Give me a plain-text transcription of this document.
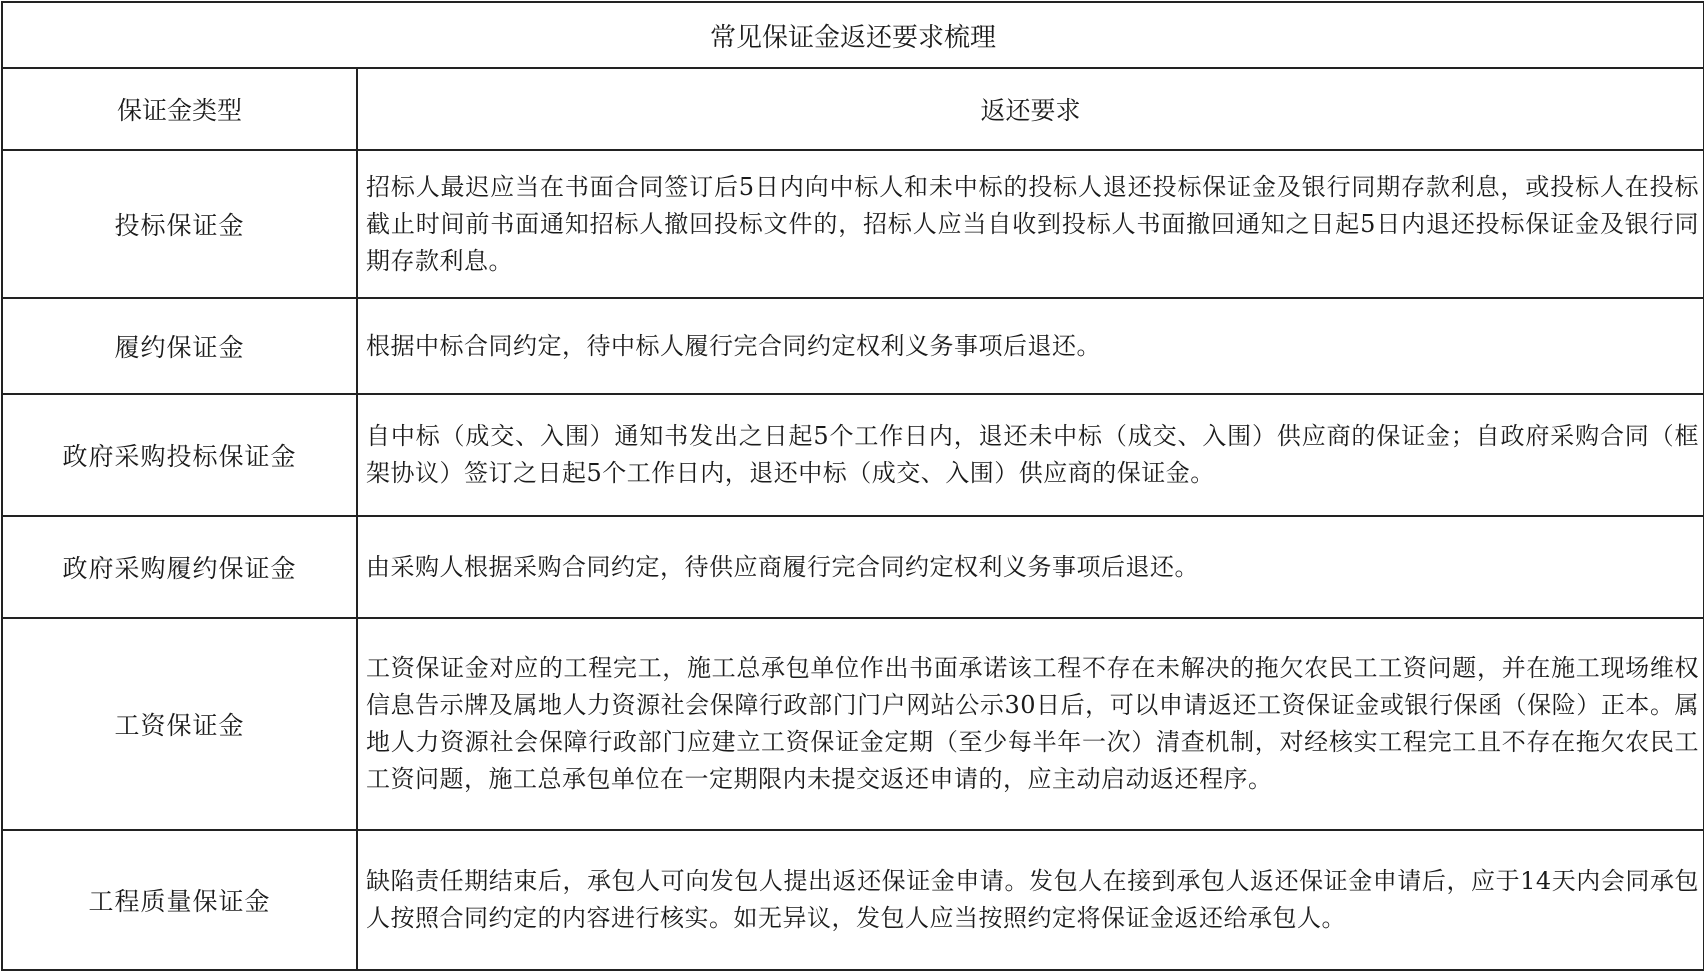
常见保证金返还要求梳理	
保证金类型	返还要求
投标保证金	招标人最迟应当在书面合同签订后5日内向中标人和未中标的投标人退还投标保证金及银行同期存款利息，或投标人在投标截止时间前书面通知招标人撤回投标文件的，招标人应当自收到投标人书面撤回通知之日起5日内退还投标保证金及银行同期存款利息。
履约保证金	根据中标合同约定，待中标人履行完合同约定权利义务事项后退还。
政府采购投标保证金	自中标（成交、入围）通知书发出之日起5个工作日内，退还未中标（成交、入围）供应商的保证金；自政府采购合同（框架协议）签订之日起5个工作日内，退还中标（成交、入围）供应商的保证金。
政府采购履约保证金	由采购人根据采购合同约定，待供应商履行完合同约定权利义务事项后退还。
工资保证金	工资保证金对应的工程完工，施工总承包单位作出书面承诺该工程不存在未解决的拖欠农民工工资问题，并在施工现场维权信息告示牌及属地人力资源社会保障行政部门门户网站公示30日后，可以申请返还工资保证金或银行保函（保险）正本。属地人力资源社会保障行政部门应建立工资保证金定期（至少每半年一次）清查机制，对经核实工程完工且不存在拖欠农民工工资问题，施工总承包单位在一定期限内未提交返还申请的，应主动启动返还程序。
工程质量保证金	缺陷责任期结束后，承包人可向发包人提出返还保证金申请。发包人在接到承包人返还保证金申请后，应于14天内会同承包人按照合同约定的内容进行核实。如无异议，发包人应当按照约定将保证金返还给承包人。
